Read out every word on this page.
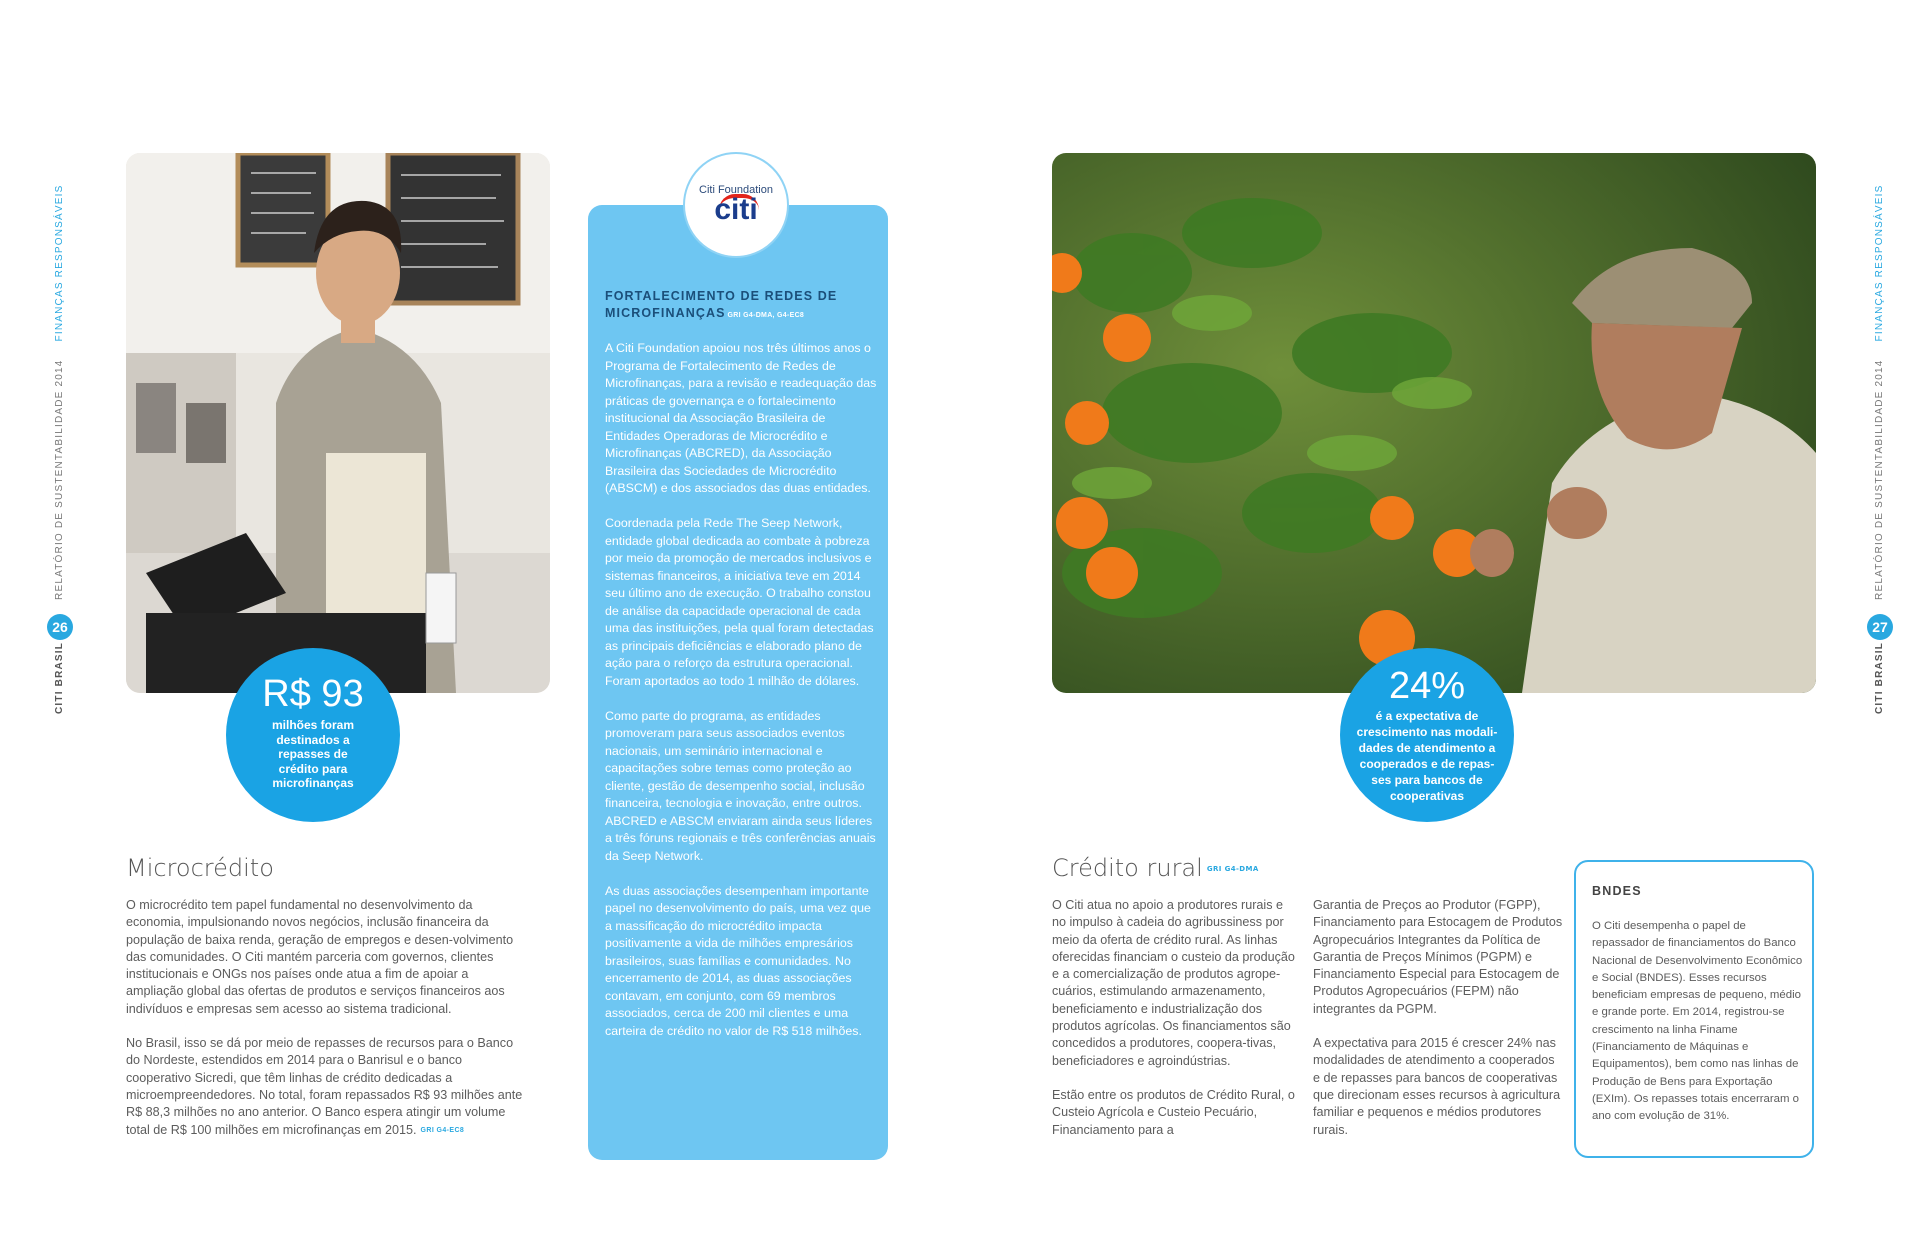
CITI BRASIL  RELATÓRIO DE SUSTENTABILIDADE 2014 FINANÇAS RESPONSÁVEIS
26
R$ 93
milhões foram destinados a repasses de crédito para microfinanças
Microcrédito

O microcrédito tem papel fundamental no desenvolvimento da economia, impulsionando novos negócios, inclusão financeira da população de baixa renda, geração de empregos e desen-volvimento das comunidades. O Citi mantém parceria com governos, clientes institucionais e ONGs nos países onde atua a fim de apoiar a ampliação global das ofertas de produtos e serviços financeiros aos indivíduos e empresas sem acesso ao sistema tradicional.

No Brasil, isso se dá por meio de repasses de recursos para o Banco do Nordeste, estendidos em 2014 para o Banrisul e o banco cooperativo Sicredi, que têm linhas de crédito dedicadas a microempreendedores. No total, foram repassados R$ 93 milhões ante R$ 88,3 milhões no ano anterior. O Banco espera atingir um volume total de R$ 100 milhões em microfinanças em 2015. GRI G4-EC8

FORTALECIMENTO DE REDES DE MICROFINANÇAS GRI G4-DMA, G4-EC8

A Citi Foundation apoiou nos três últimos anos o Programa de Fortalecimento de Redes de Microfinanças, para a revisão e readequação das práticas de governança e o fortalecimento institucional da Associação Brasileira de Entidades Operadoras de Microcrédito e Microfinanças (ABCRED), da Associação Brasileira das Sociedades de Microcrédito (ABSCM) e dos associados das duas entidades.

Coordenada pela Rede The Seep Network, entidade global dedicada ao combate à pobreza por meio da promoção de mercados inclusivos e sistemas financeiros, a iniciativa teve em 2014 seu último ano de execução. O trabalho constou de análise da capacidade operacional de cada uma das instituições, pela qual foram detectadas as principais deficiências e elaborado plano de ação para o reforço da estrutura operacional. Foram aportados ao todo 1 milhão de dólares.

Como parte do programa, as entidades promoveram para seus associados eventos nacionais, um seminário internacional e capacitações sobre temas como proteção ao cliente, gestão de desempenho social, inclusão financeira, tecnologia e inovação, entre outros. ABCRED e ABSCM enviaram ainda seus líderes a três fóruns regionais e três conferências anuais da Seep Network.

As duas associações desempenham importante papel no desenvolvimento do país, uma vez que a massificação do microcrédito impacta positivamente a vida de milhões empresários brasileiros, suas famílias e comunidades. No encerramento de 2014, as duas associações contavam, em conjunto, com 69 membros associados, cerca de 200 mil clientes e uma carteira de crédito no valor de R$ 518 milhões.

Citi Foundation
citi
24%
é a expectativa de crescimento nas modali-dades de atendimento a cooperados e de repas-ses para bancos de cooperativas
Crédito rural GRI G4-DMA

O Citi atua no apoio a produtores rurais e no impulso à cadeia do agribussiness por meio da oferta de crédito rural. As linhas oferecidas financiam o custeio da produção e a comercialização de produtos agrope-cuários, estimulando armazenamento, beneficiamento e industrialização dos produtos agrícolas. Os financiamentos são concedidos a produtores, coopera-tivas, beneficiadores e agroindústrias.

Estão entre os produtos de Crédito Rural, o Custeio Agrícola e Custeio Pecuário, Financiamento para a

Garantia de Preços ao Produtor (FGPP), Financiamento para Estocagem de Produtos Agropecuários Integrantes da Política de Garantia de Preços Mínimos (PGPM) e Financiamento Especial para Estocagem de Produtos Agropecuários (FEPM) não integrantes da PGPM.

A expectativa para 2015 é crescer 24% nas modalidades de atendimento a cooperados e de repasses para bancos de cooperativas que direcionam esses recursos à agricultura familiar e pequenos e médios produtores rurais.

BNDES
O Citi desempenha o papel de repassador de financiamentos do Banco Nacional de Desenvolvimento Econômico e Social (BNDES). Esses recursos beneficiam empresas de pequeno, médio e grande porte. Em 2014, registrou-se crescimento na linha Finame (Financiamento de Máquinas e Equipamentos), bem como nas linhas de Produção de Bens para Exportação (EXIm). Os repasses totais encerraram o ano com evolução de 31%.
CITI BRASIL  RELATÓRIO DE SUSTENTABILIDADE 2014 FINANÇAS RESPONSÁVEIS
27
